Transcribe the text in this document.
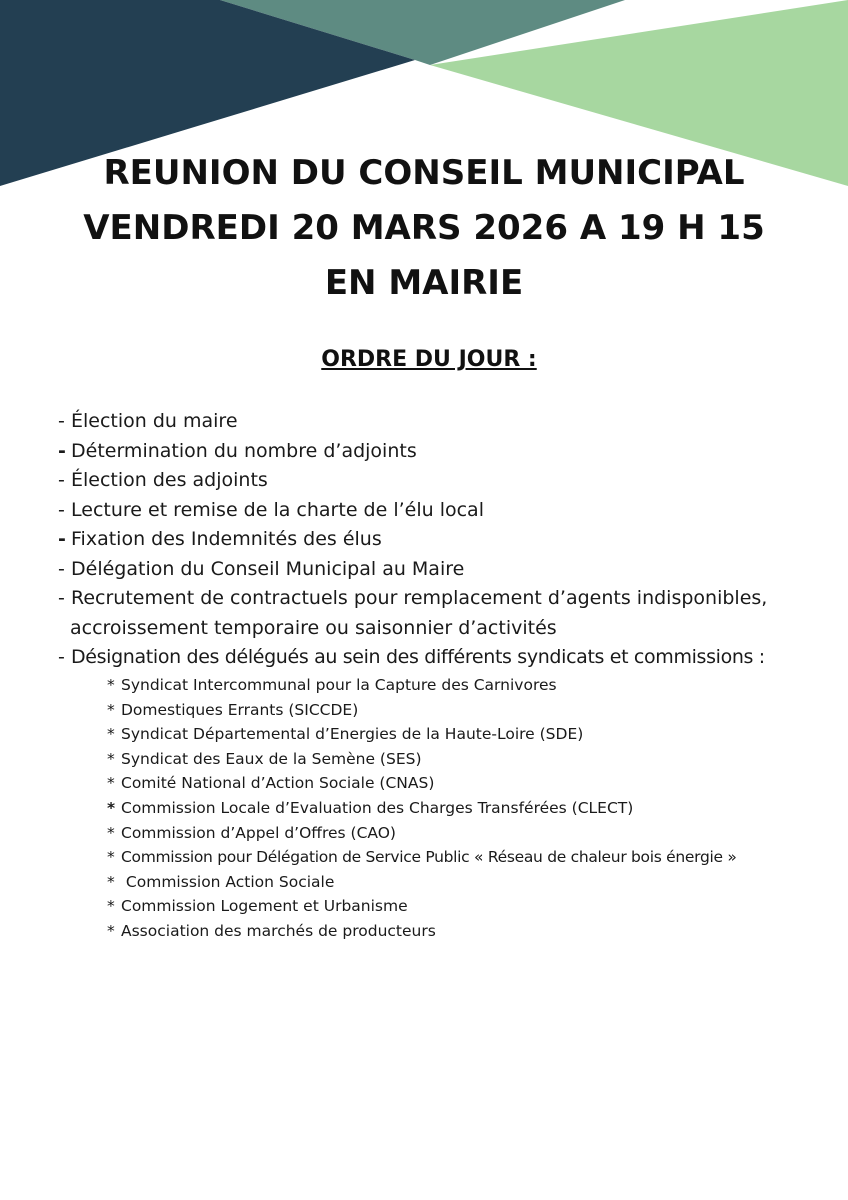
REUNION DU CONSEIL MUNICIPAL
VENDREDI 20 MARS 2026 A 19 H 15
EN MAIRIE
ORDRE DU JOUR :
- Élection du maire
- Détermination du nombre d’adjoints
- Élection des adjoints
- Lecture et remise de la charte de l’élu local
- Fixation des Indemnités des élus
- Délégation du Conseil Municipal au Maire
- Recrutement de contractuels pour remplacement d’agents indisponibles,
accroissement temporaire ou saisonnier d’activités
- Désignation des délégués au sein des différents syndicats et commissions :
* Syndicat Intercommunal pour la Capture des Carnivores
* Domestiques Errants (SICCDE)
* Syndicat Départemental d’Energies de la Haute-Loire (SDE)
* Syndicat des Eaux de la Semène (SES)
* Comité National d’Action Sociale (CNAS)
* Commission Locale d’Evaluation des Charges Transférées (CLECT)
* Commission d’Appel d’Offres (CAO)
* Commission pour Délégation de Service Public « Réseau de chaleur bois énergie »
* Commission Action Sociale
* Commission Logement et Urbanisme
* Association des marchés de producteurs
